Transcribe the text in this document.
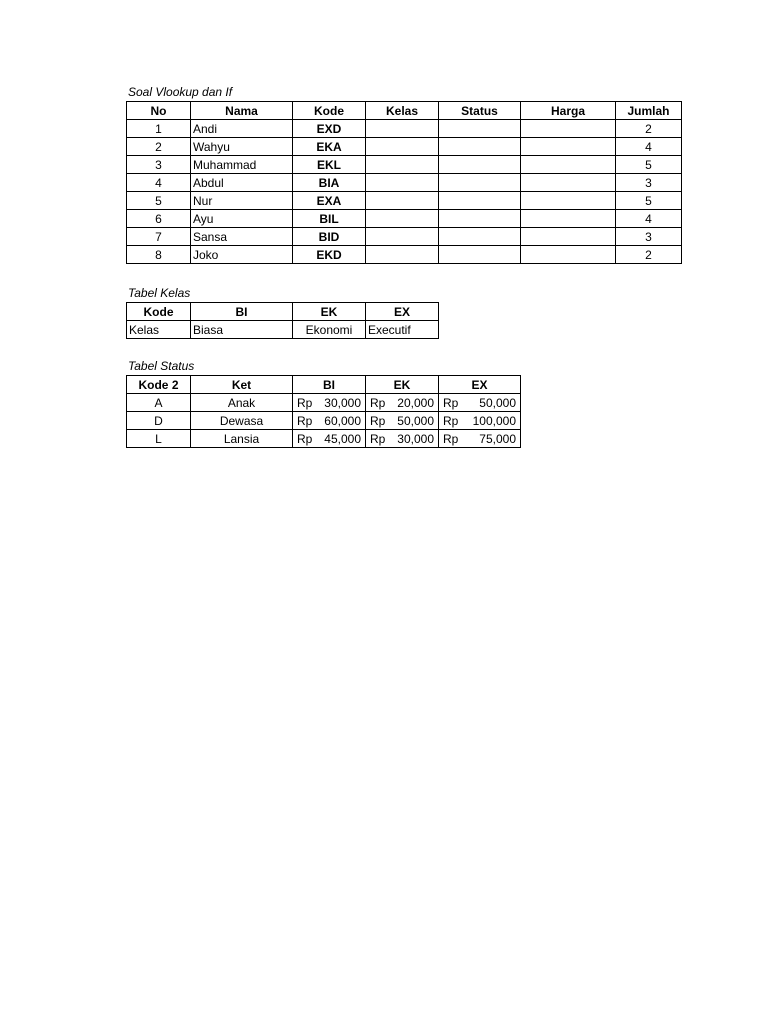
Soal Vlookup dan If
No	Nama	Kode	Kelas	Status	Harga	Jumlah
1	Andi	EXD				2
2	Wahyu	EKA				4
3	Muhammad	EKL				5
4	Abdul	BIA				3
5	Nur	EXA				5
6	Ayu	BIL				4
7	Sansa	BID				3
8	Joko	EKD				2
Tabel Kelas
Kode	BI	EK	EX
Kelas	Biasa	Ekonomi	Executif
Tabel Status
Kode 2	Ket	BI	EK	EX
A	Anak	Rp 30,000	Rp 20,000	Rp 50,000

D	Dewasa	Rp 60,000	Rp 50,000	Rp 100,000

L	Lansia	Rp 45,000	Rp 30,000	Rp 75,000
